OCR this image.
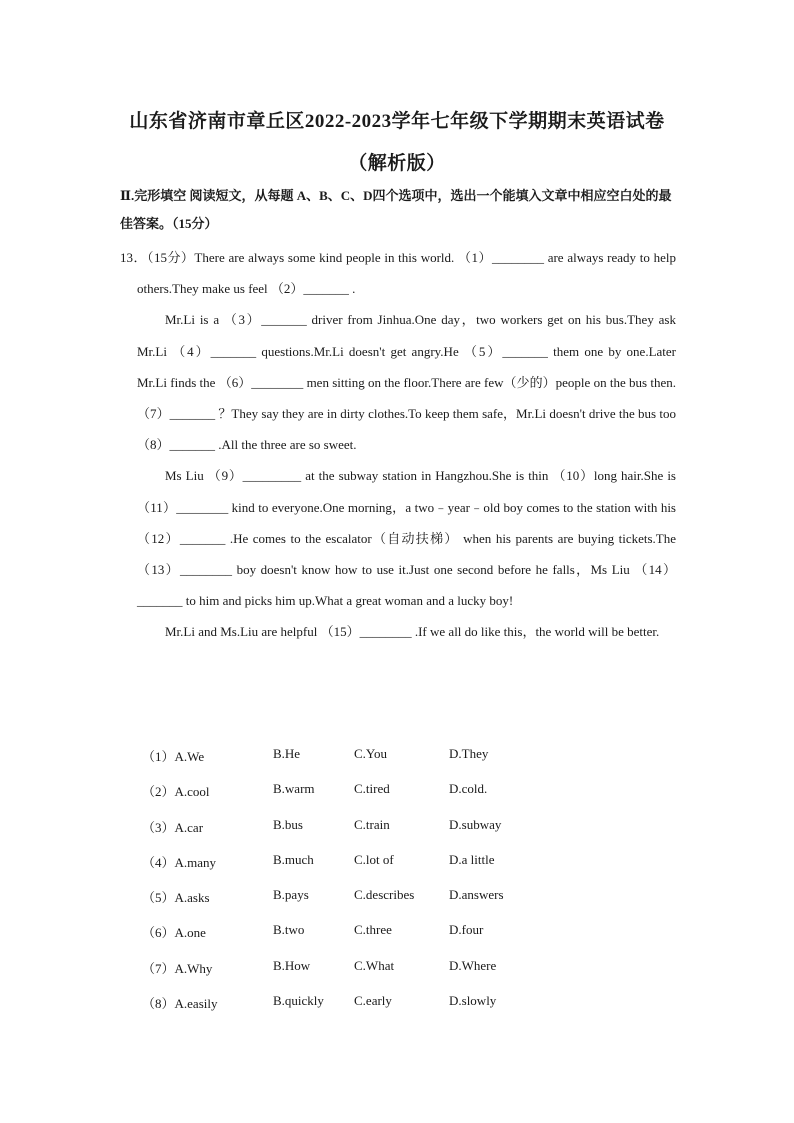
山东省济南市章丘区2022-2023学年七年级下学期期末英语试卷
（解析版）
Ⅱ.完形填空 阅读短文，从每题 A、B、C、D四个选项中，选出一个能填入文章中相应空白处的最佳答案。（15分）

13．（15分）There are always some kind people in this world. （1）________ are always ready to help others.They make us feel （2）_______ .

Mr.Li is a （3）_______ driver from Jinhua.One day，two workers get on his bus.They ask Mr.Li （4）_______ questions.Mr.Li doesn't get angry.He （5）_______ them one by one.Later Mr.Li finds the （6）________ men sitting on the floor.There are few（少的）people on the bus then.（7）_______ ？They say they are in dirty clothes.To keep them safe，Mr.Li doesn't drive the bus too （8）_______ .All the three are so sweet.

Ms Liu （9）_________ at the subway station in Hangzhou.She is thin （10）long hair.She is （11）________ kind to everyone.One morning，a two﹣year﹣old boy comes to the station with his （12）_______ .He comes to the escalator（自动扶梯） when his parents are buying tickets.The （13）________ boy doesn't know how to use it.Just one second before he falls，Ms Liu （14）_______ to him and picks him up.What a great woman and a lucky boy!

Mr.Li and Ms.Liu are helpful （15）________ .If we all do like this，the world will be better.

（1）A.We	B.He	C.You	D.They
（2）A.cool	B.warm	C.tired	D.cold.
（3）A.car	B.bus	C.train	D.subway
（4）A.many	B.much	C.lot of	D.a little
（5）A.asks	B.pays	C.describes	D.answers
（6）A.one	B.two	C.three	D.four
（7）A.Why	B.How	C.What	D.Where
（8）A.easily	B.quickly C.early	D.slowly
